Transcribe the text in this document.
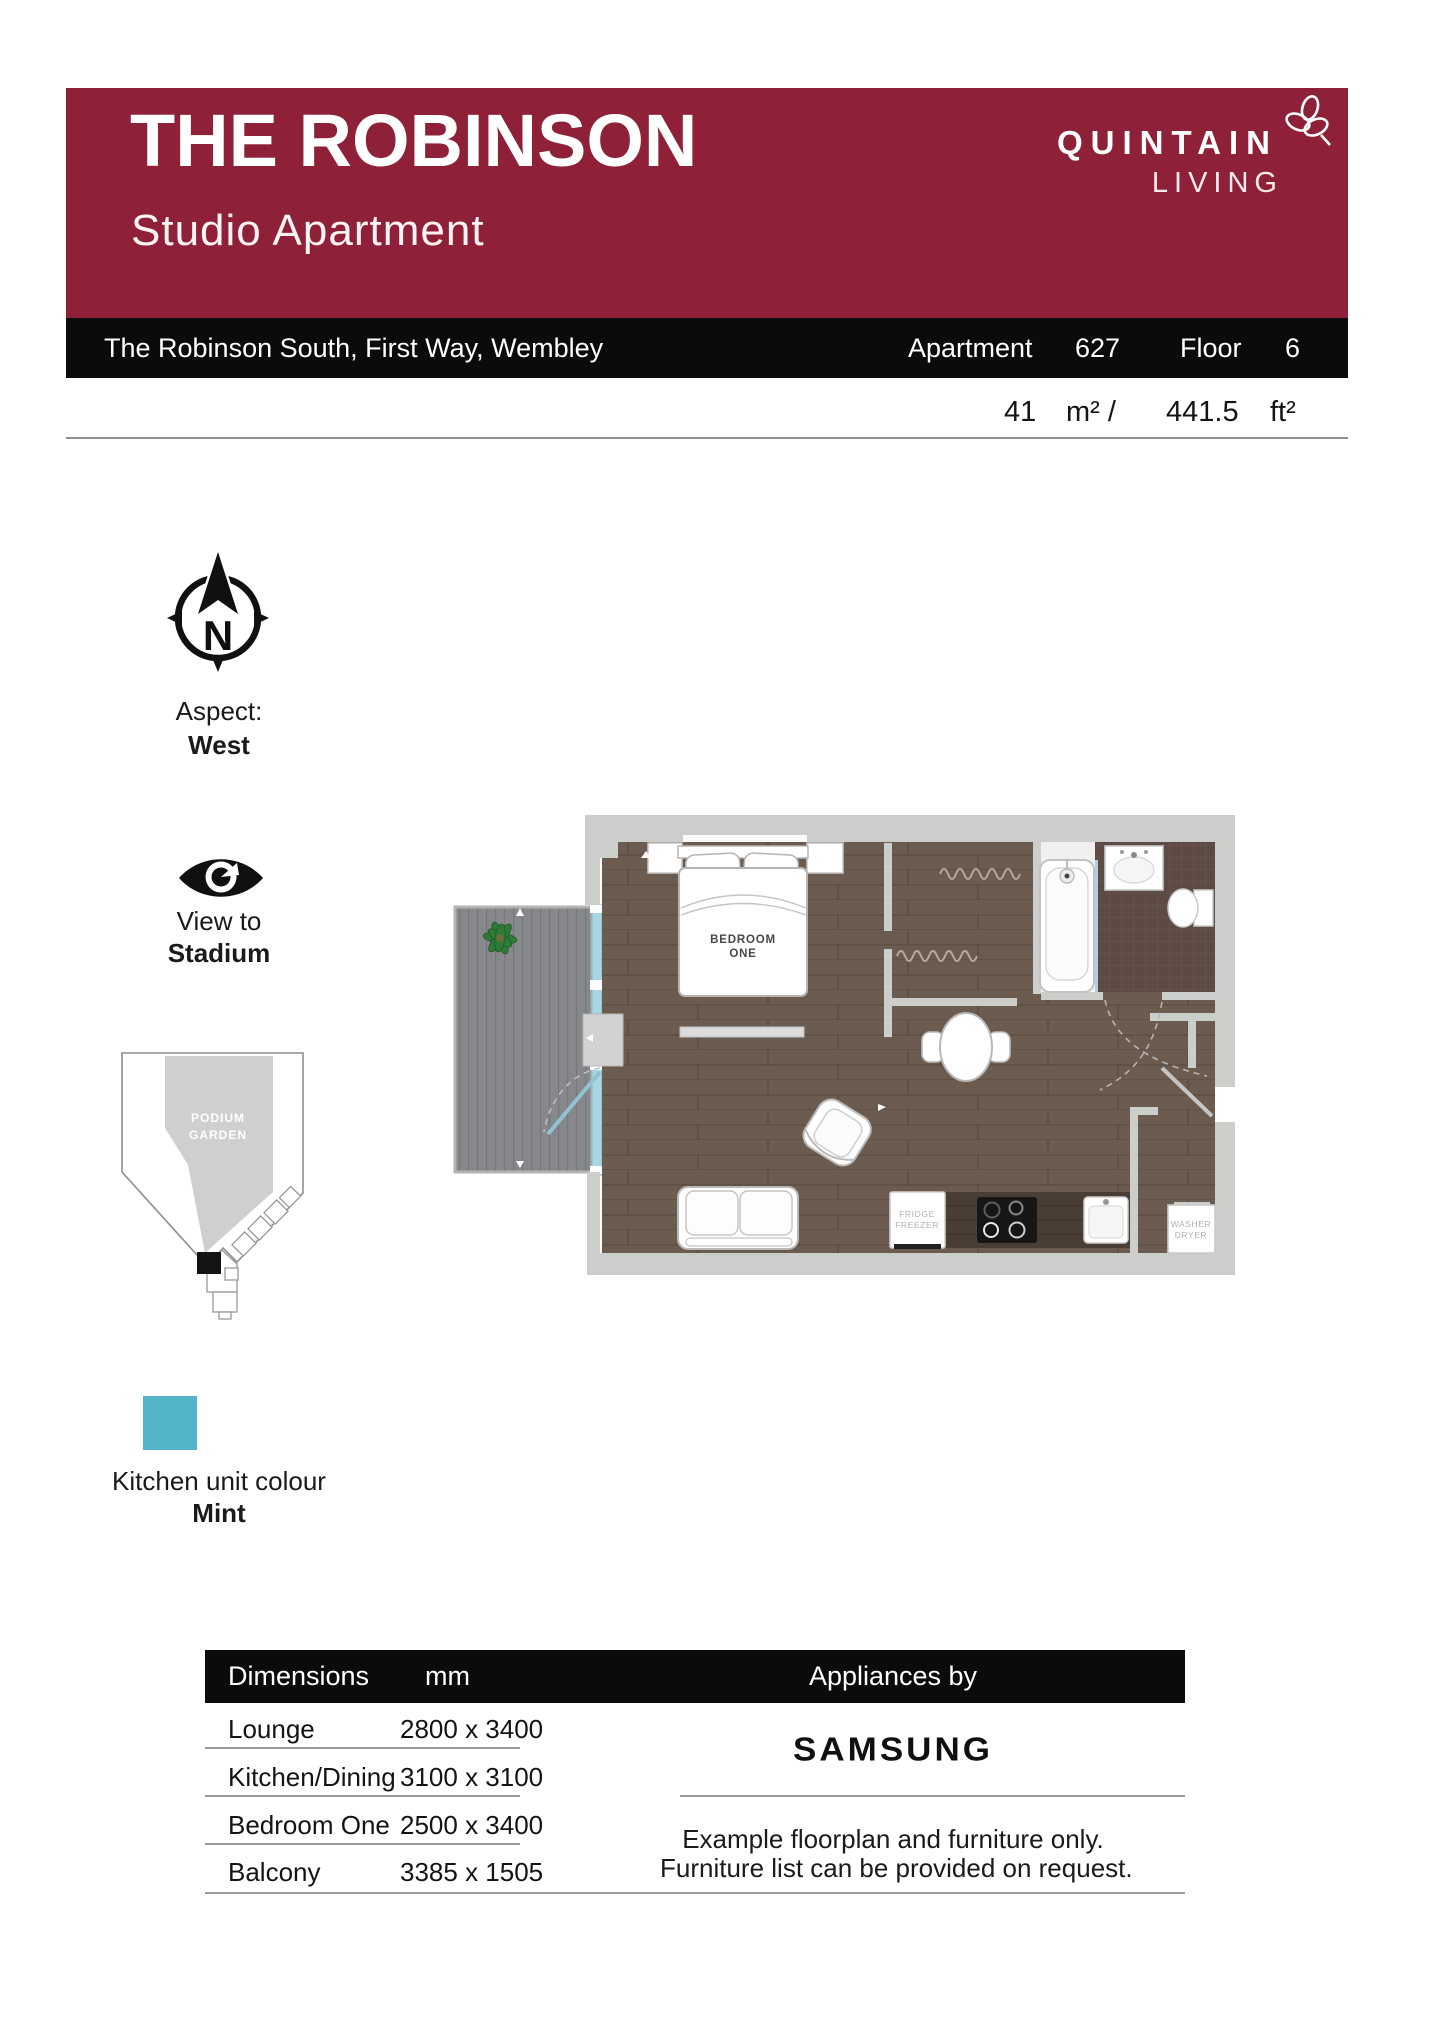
THE ROBINSON
Studio Apartment
QUINTAIN
LIVING
The Robinson South, First Way, Wembley	Apartment 627 Floor 6
41 m² / 441.5 ft²
N
Aspect:
West
View to
Stadium
PODIUM
GARDEN
Kitchen unit colour
Mint
BEDROOM
ONE
FRIDGE
FREEZER	WASHER
DRYER
Dimensions	mm	Appliances by
Lounge	2800 x 3400
Kitchen/Dining 3100 x 3100
Bedroom One 2500 x 3400
Balcony	3385 x 1505
SAMSUNG
Example floorplan and furniture only.
Furniture list can be provided on request.
